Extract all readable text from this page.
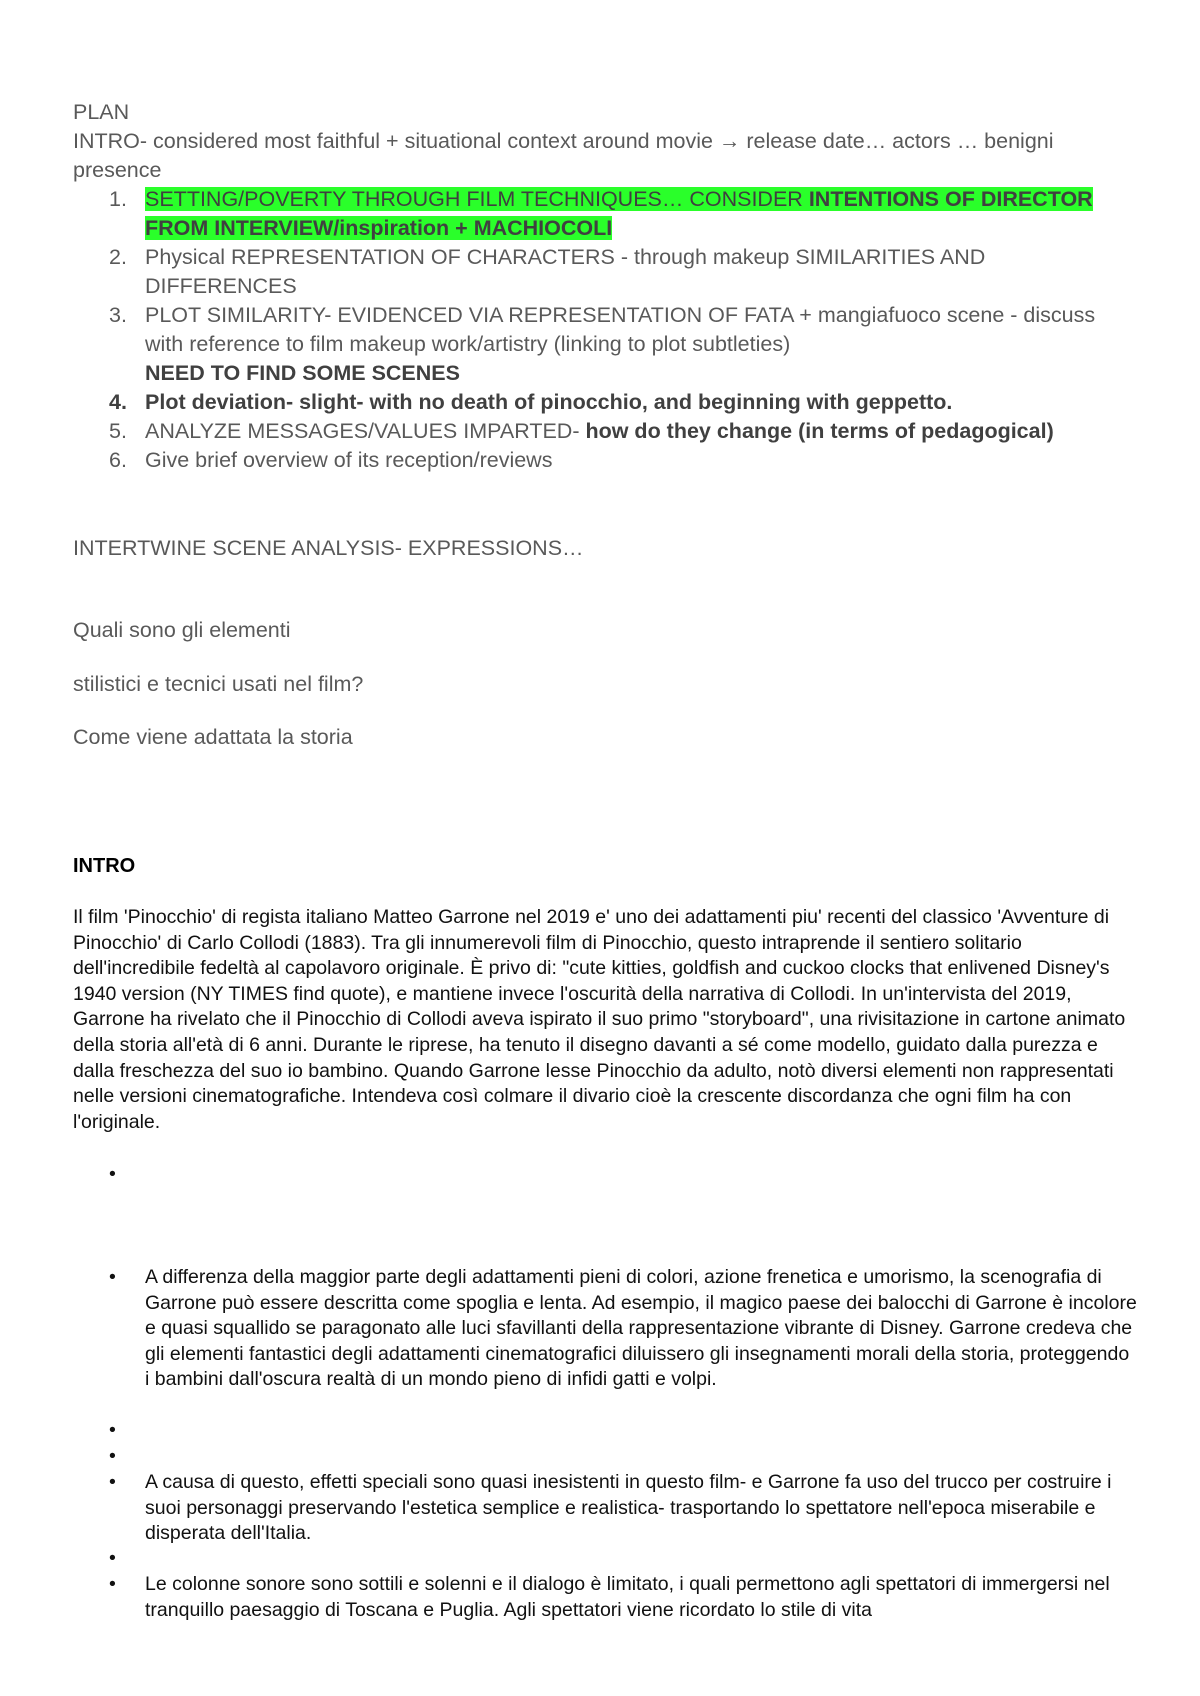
PLAN

INTRO- considered most faithful + situational context around movie → release date… actors … benigni presence

1. SETTING/POVERTY THROUGH FILM TECHNIQUES… CONSIDER INTENTIONS OF DIRECTOR FROM INTERVIEW/inspiration + MACHIOCOLI
2. Physical REPRESENTATION OF CHARACTERS - through makeup SIMILARITIES AND DIFFERENCES
3. PLOT SIMILARITY- EVIDENCED VIA REPRESENTATION OF FATA + mangiafuoco scene - discuss with reference to film makeup work/artistry (linking to plot subtleties)
NEED TO FIND SOME SCENES
4. Plot deviation- slight- with no death of pinocchio, and beginning with geppetto.
5. ANALYZE MESSAGES/VALUES IMPARTED- how do they change (in terms of pedagogical)
6. Give brief overview of its reception/reviews
INTERTWINE SCENE ANALYSIS- EXPRESSIONS…
Quali sono gli elementi
stilistici e tecnici usati nel film?
Come viene adattata la storia
INTRO
Il film 'Pinocchio' di regista italiano Matteo Garrone nel 2019 e' uno dei adattamenti piu' recenti del classico 'Avventure di Pinocchio' di Carlo Collodi (1883). Tra gli innumerevoli film di Pinocchio, questo intraprende il sentiero solitario dell'incredibile fedeltà al capolavoro originale. È privo di: "cute kitties, goldfish and cuckoo clocks that enlivened Disney's 1940 version (NY TIMES find quote), e mantiene invece l'oscurità della narrativa di Collodi. In un'intervista del 2019, Garrone ha rivelato che il Pinocchio di Collodi aveva ispirato il suo primo "storyboard", una rivisitazione in cartone animato della storia all'età di 6 anni. Durante le riprese, ha tenuto il disegno davanti a sé come modello, guidato dalla purezza e dalla freschezza del suo io bambino. Quando Garrone lesse Pinocchio da adulto, notò diversi elementi non rappresentati nelle versioni cinematografiche. Intendeva così colmare il divario cioè la crescente discordanza che ogni film ha con l'originale.
•

• A differenza della maggior parte degli adattamenti pieni di colori, azione frenetica e umorismo, la scenografia di Garrone può essere descritta come spoglia e lenta. Ad esempio, il magico paese dei balocchi di Garrone è incolore e quasi squallido se paragonato alle luci sfavillanti della rappresentazione vibrante di Disney. Garrone credeva che gli elementi fantastici degli adattamenti cinematografici diluissero gli insegnamenti morali della storia, proteggendo i bambini dall'oscura realtà di un mondo pieno di infidi gatti e volpi.
•

•

• A causa di questo, effetti speciali sono quasi inesistenti in questo film- e Garrone fa uso del trucco per costruire i suoi personaggi preservando l'estetica semplice e realistica- trasportando lo spettatore nell'epoca miserabile e disperata dell'Italia.
•

• Le colonne sonore sono sottili e solenni e il dialogo è limitato, i quali permettono agli spettatori di immergersi nel tranquillo paesaggio di Toscana e Puglia. Agli spettatori viene ricordato lo stile di vita
